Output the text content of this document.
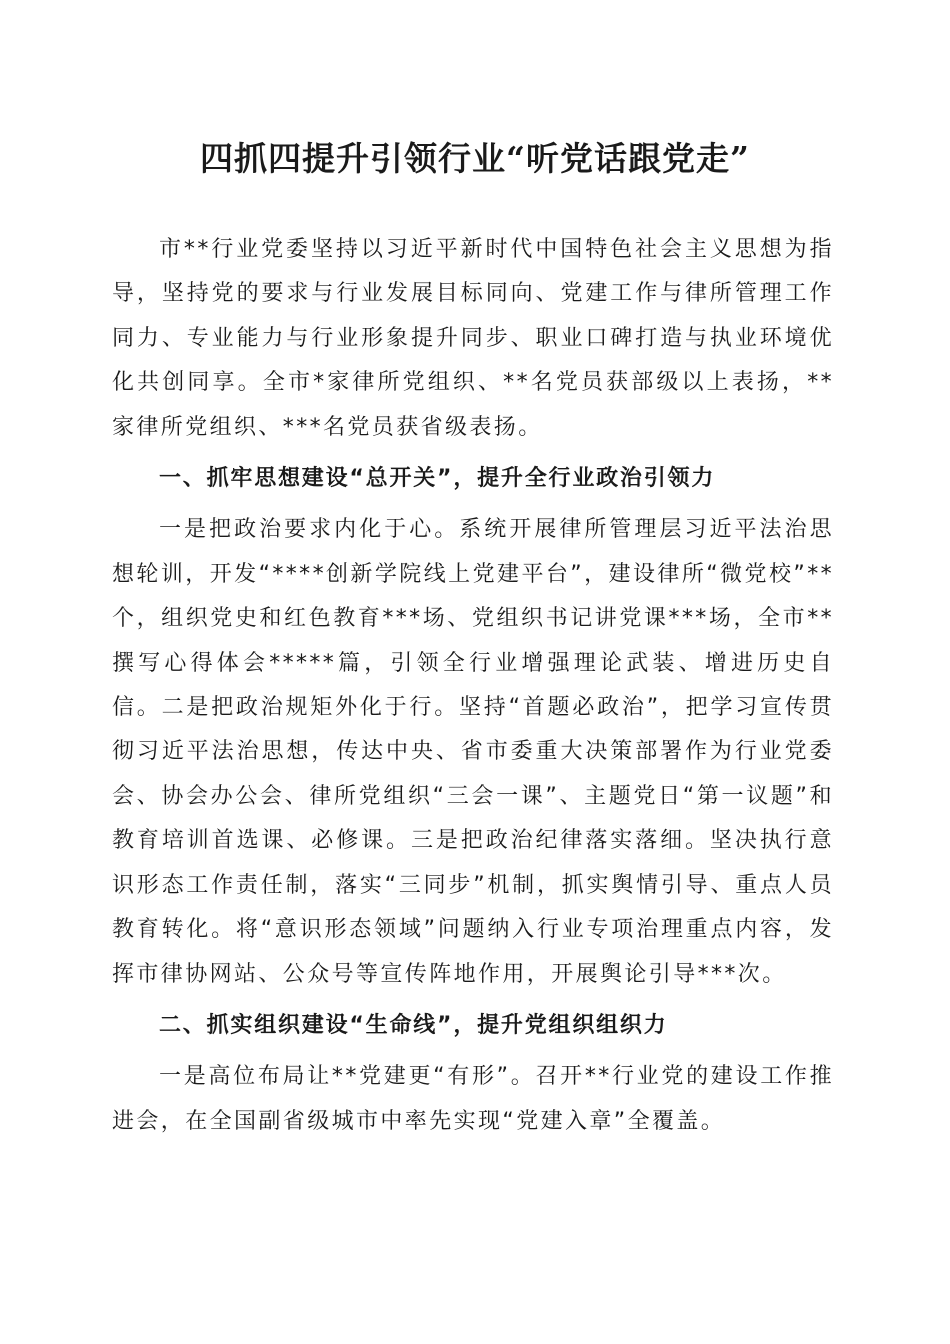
四抓四提升引领行业“听党话跟党走”

市**行业党委坚持以习近平新时代中国特色社会主义思想为指导，坚持党的要求与行业发展目标同向、党建工作与律所管理工作同力、专业能力与行业形象提升同步、职业口碑打造与执业环境优化共创同享。全市*家律所党组织、**名党员获部级以上表扬，**家律所党组织、***名党员获省级表扬。

一、抓牢思想建设“总开关”，提升全行业政治引领力

一是把政治要求内化于心。系统开展律所管理层习近平法治思想轮训，开发“****创新学院线上党建平台”，建设律所“微党校”**个，组织党史和红色教育***场、党组织书记讲党课***场，全市**撰写心得体会*****篇，引领全行业增强理论武装、增进历史自信。二是把政治规矩外化于行。坚持“首题必政治”，把学习宣传贯彻习近平法治思想，传达中央、省市委重大决策部署作为行业党委会、协会办公会、律所党组织“三会一课”、主题党日“第一议题”和教育培训首选课、必修课。三是把政治纪律落实落细。坚决执行意识形态工作责任制，落实“三同步”机制，抓实舆情引导、重点人员教育转化。将“意识形态领域”问题纳入行业专项治理重点内容，发挥市律协网站、公众号等宣传阵地作用，开展舆论引导***次。

二、抓实组织建设“生命线”，提升党组织组织力

一是高位布局让**党建更“有形”。召开**行业党的建设工作推进会，在全国副省级城市中率先实现“党建入章”全覆盖。
